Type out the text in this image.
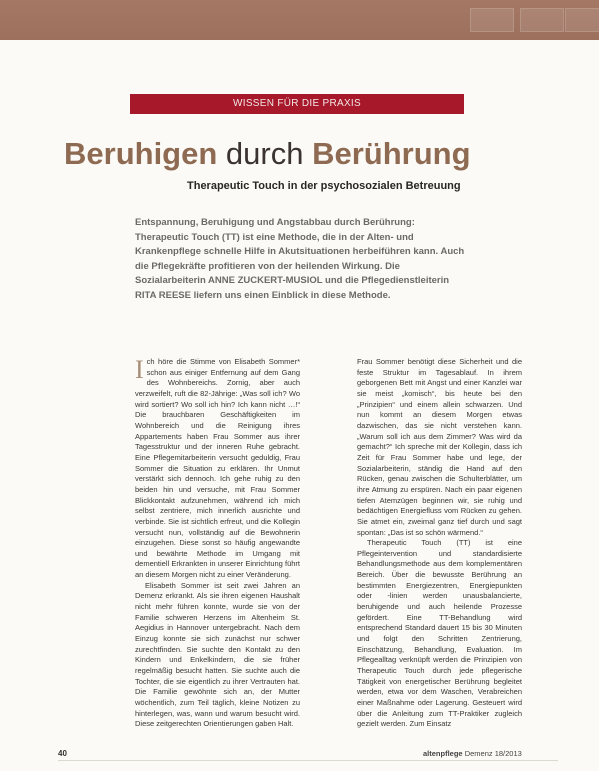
WISSEN FÜR DIE PRAXIS
Beruhigen durch Berührung
Therapeutic Touch in der psychosozialen Betreuung
Entspannung, Beruhigung und Angstabbau durch Berührung: Therapeutic Touch (TT) ist eine Methode, die in der Alten- und Krankenpflege schnelle Hilfe in Akutsituationen herbeiführen kann. Auch die Pflegekräfte profitieren von der heilenden Wirkung. Die Sozialarbeiterin ANNE ZUCKERT-MUSIOL und die Pflegedienstleiterin RITA REESE liefern uns einen Einblick in diese Methode.

Ich höre die Stimme von Elisabeth Sommer* schon aus einiger Entfernung auf dem Gang des Wohnbereichs. Zornig, aber auch verzweifelt, ruft die 82-Jährige: „Was soll ich? Wo wird sortiert? Wo soll ich hin? Ich kann nicht …!“ Die brauchbaren Geschäftigkeiten im Wohnbereich und die Reinigung ihres Appartements haben Frau Sommer aus ihrer Tagesstruktur und der inneren Ruhe gebracht. Eine Pflegemitarbeiterin versucht geduldig, Frau Sommer die Situation zu erklären. Ihr Unmut verstärkt sich dennoch. Ich gehe ruhig zu den beiden hin und versuche, mit Frau Sommer Blickkontakt aufzunehmen, während ich mich selbst zentriere, mich innerlich ausrichte und verbinde. Sie ist sichtlich erfreut, und die Kollegin versucht nun, vollständig auf die Bewohnerin einzugehen. Diese sonst so häufig angewandte und bewährte Methode im Umgang mit dementiell Erkrankten in unserer Einrichtung führt an diesem Morgen nicht zu einer Veränderung.

Elisabeth Sommer ist seit zwei Jahren an Demenz erkrankt. Als sie ihren eigenen Haushalt nicht mehr führen konnte, wurde sie von der Familie schweren Herzens im Altenheim St. Aegidius in Hannover untergebracht. Nach dem Einzug konnte sie sich zunächst nur schwer zurechtfinden. Sie suchte den Kontakt zu den Kindern und Enkelkindern, die sie früher regelmäßig besucht hatten. Sie suchte auch die Tochter, die sie eigentlich zu ihrer Vertrauten hat. Die Familie gewöhnte sich an, der Mutter wöchentlich, zum Teil täglich, kleine Notizen zu hinterlegen, was, wann und warum besucht wird. Diese zeitgerechten Orientierungen gaben Halt.

Frau Sommer benötigt diese Sicherheit und die feste Struktur im Tagesablauf. In ihrem geborgenen Bett mit Angst und einer Kanzlei war sie meist „komisch“, bis heute bei den „Prinzipien“ und einem allein schwarzen. Und nun kommt an diesem Morgen etwas dazwischen, das sie nicht verstehen kann. „Warum soll ich aus dem Zimmer? Was wird da gemacht?“ Ich spreche mit der Kollegin, dass ich Zeit für Frau Sommer habe und lege, der Sozialarbeiterin, ständig die Hand auf den Rücken, genau zwischen die Schulterblätter, um ihre Atmung zu erspüren. Nach ein paar eigenen tiefen Atemzügen beginnen wir, sie ruhig und bedächtigen Energiefluss vom Rücken zu gehen. Sie atmet ein, zweimal ganz tief durch und sagt spontan: „Das ist so schön wärmend.“

Therapeutic Touch (TT) ist eine Pflegeintervention und standardisierte Behandlungsmethode aus dem komplementären Bereich. Über die bewusste Berührung an bestimmten Energiezentren, Energiepunkten oder -linien werden unausbalancierte, beruhigende und auch heilende Prozesse gefördert. Eine TT-Behandlung wird entsprechend Standard dauert 15 bis 30 Minuten und folgt den Schritten Zentrierung, Einschätzung, Behandlung, Evaluation. Im Pflegealltag verknüpft werden die Prinzipien von Therapeutic Touch durch jede pflegerische Tätigkeit von energetischer Berührung begleitet werden, etwa vor dem Waschen, Verabreichen einer Maßnahme oder Lagerung. Gesteuert wird über die Anleitung zum TT-Praktiker zugleich gezielt werden. Zum Einsatz

40	altenpflege Demenz 18/2013
